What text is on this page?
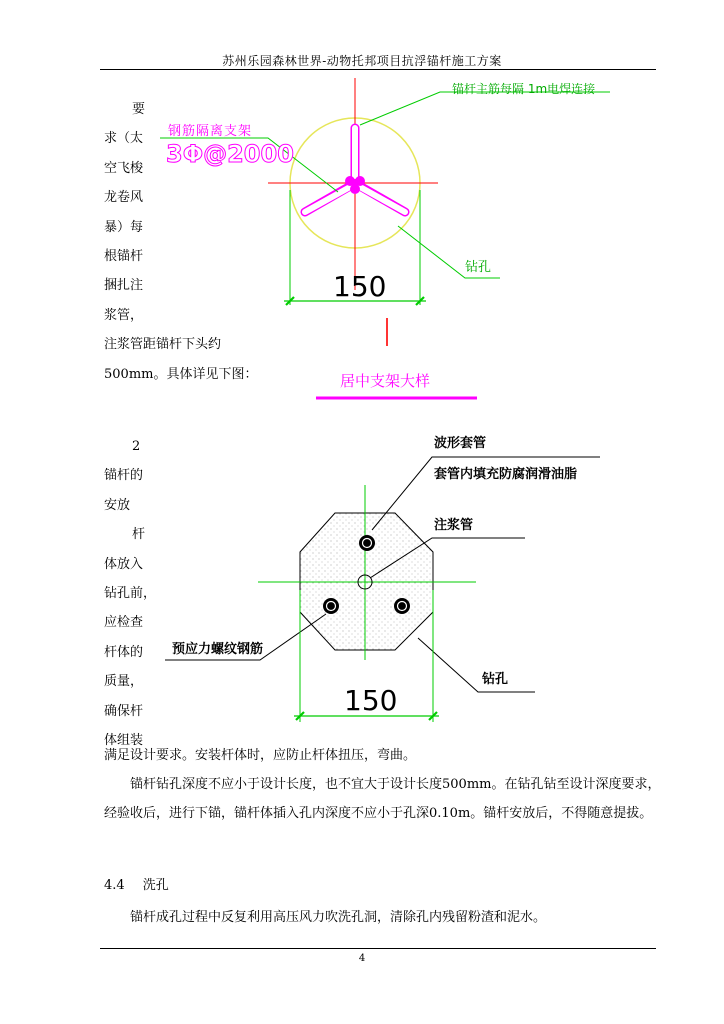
苏州乐园森林世界-动物托邦项目抗浮锚杆施工方案
要
求（太
空飞梭
龙卷风
暴）每
根锚杆
捆扎注
浆管，
注浆管距锚杆下头约
500mm。具体详见下图：
2
锚杆的
安放
杆
体放入
钻孔前，
应检查
杆体的
质量，
确保杆
体组装
锚杆主筋每隔 1m电焊连接
钢筋隔离支架
3Φ@2000
钻孔
150
居中支架大样
波形套管
套管内填充防腐润滑油脂
注浆管
预应力螺纹钢筋
钻孔
150
满足设计要求。安装杆体时，应防止杆体扭压，弯曲。
锚杆钻孔深度不应小于设计长度，也不宜大于设计长度500mm。在钻孔钻至设计深度要求，经验收后，进行下锚，锚杆体插入孔内深度不应小于孔深0.10m。锚杆安放后，不得随意提拔。
4.4 洗孔
锚杆成孔过程中反复利用高压风力吹洗孔洞，清除孔内残留粉渣和泥水。
4
